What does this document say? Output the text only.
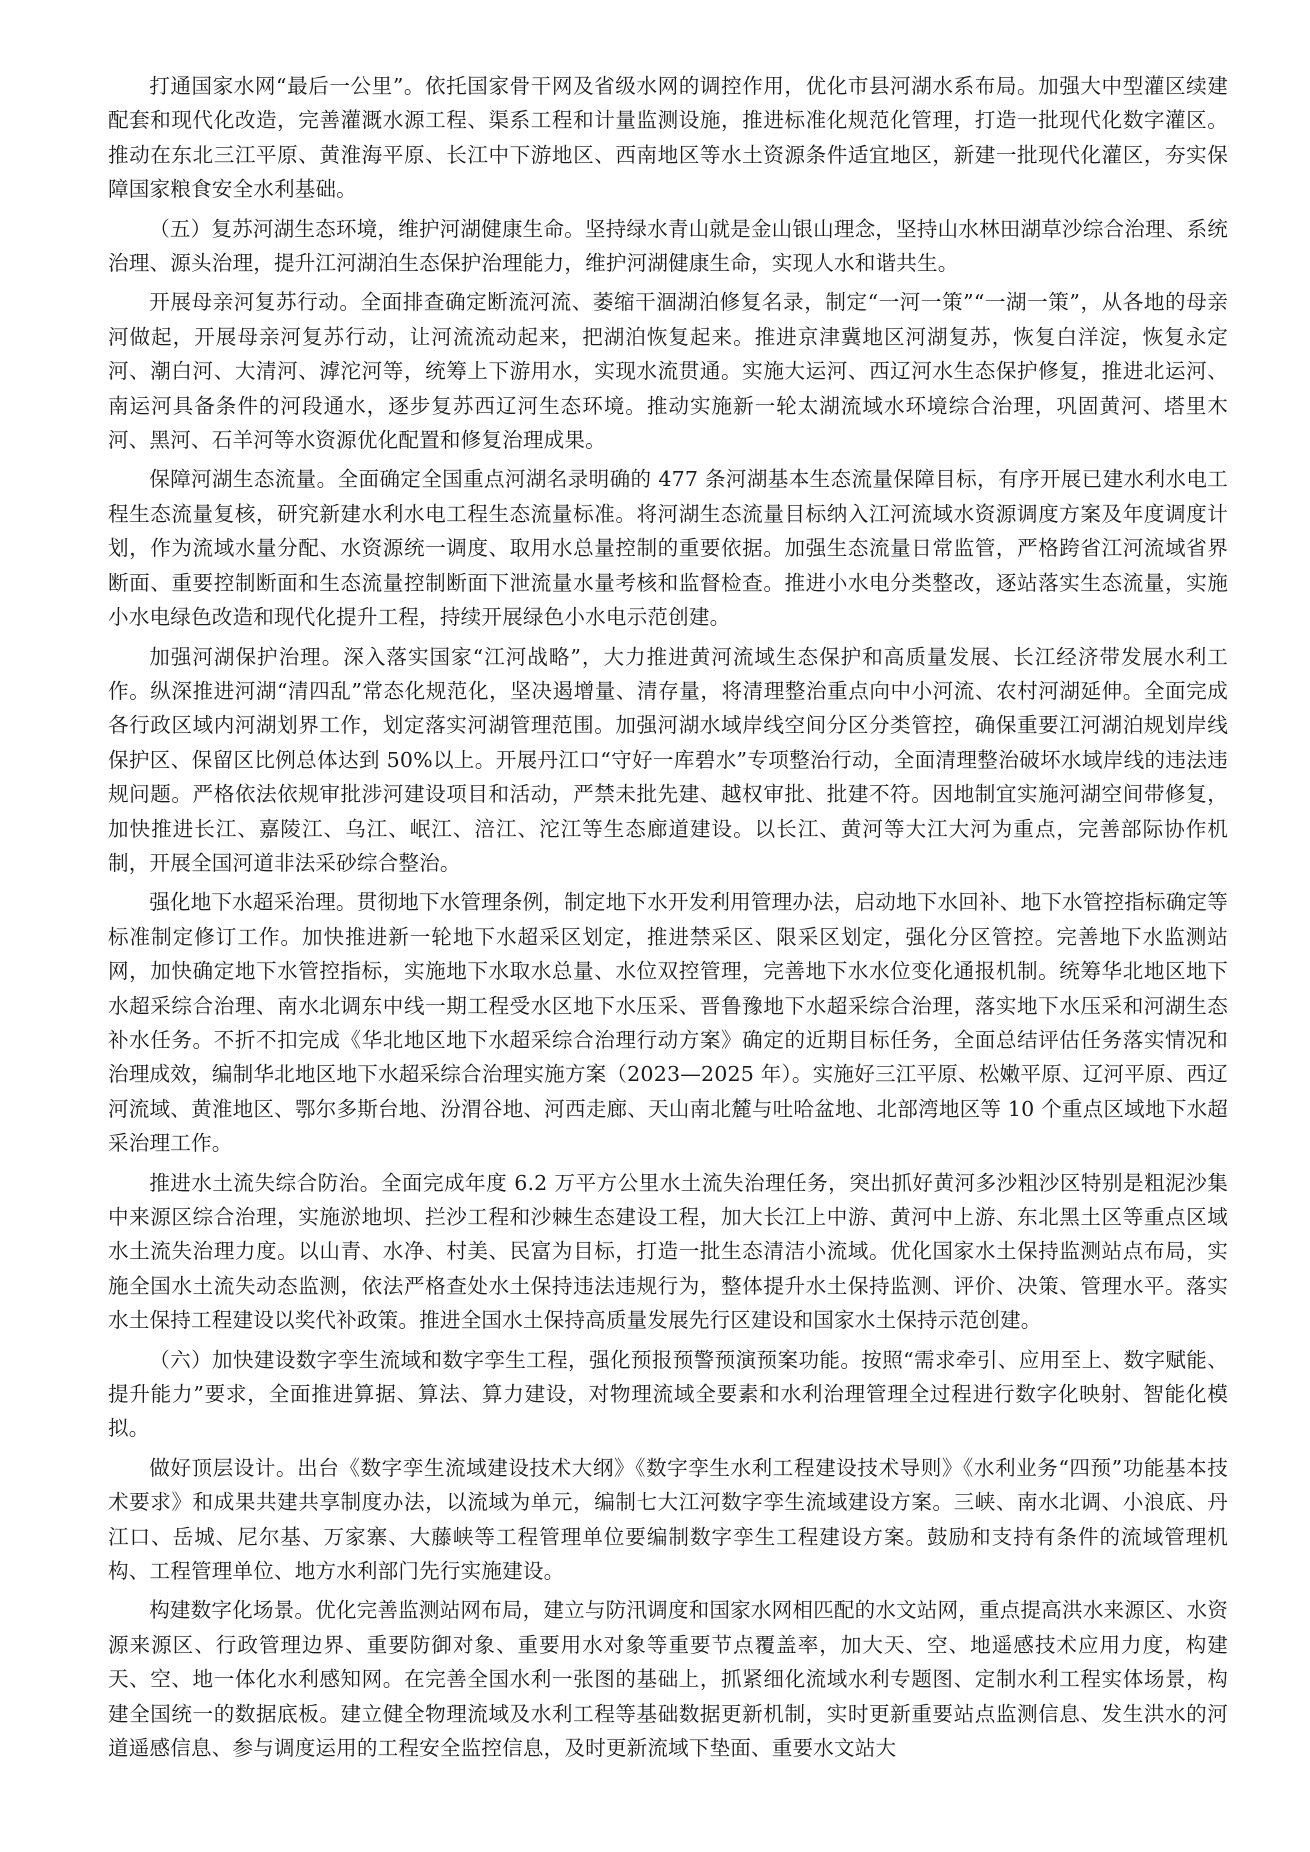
打通国家水网“最后一公里”。依托国家骨干网及省级水网的调控作用，优化市县河湖水系布局。加强大中型灌区续建配套和现代化改造，完善灌溉水源工程、渠系工程和计量监测设施，推进标准化规范化管理，打造一批现代化数字灌区。推动在东北三江平原、黄淮海平原、长江中下游地区、西南地区等水土资源条件适宜地区，新建一批现代化灌区，夯实保障国家粮食安全水利基础。

（五）复苏河湖生态环境，维护河湖健康生命。坚持绿水青山就是金山银山理念，坚持山水林田湖草沙综合治理、系统治理、源头治理，提升江河湖泊生态保护治理能力，维护河湖健康生命，实现人水和谐共生。

开展母亲河复苏行动。全面排查确定断流河流、萎缩干涸湖泊修复名录，制定“一河一策”“一湖一策”，从各地的母亲河做起，开展母亲河复苏行动，让河流流动起来，把湖泊恢复起来。推进京津冀地区河湖复苏，恢复白洋淀，恢复永定河、潮白河、大清河、滹沱河等，统筹上下游用水，实现水流贯通。实施大运河、西辽河水生态保护修复，推进北运河、南运河具备条件的河段通水，逐步复苏西辽河生态环境。推动实施新一轮太湖流域水环境综合治理，巩固黄河、塔里木河、黑河、石羊河等水资源优化配置和修复治理成果。

保障河湖生态流量。全面确定全国重点河湖名录明确的 477 条河湖基本生态流量保障目标，有序开展已建水利水电工程生态流量复核，研究新建水利水电工程生态流量标准。将河湖生态流量目标纳入江河流域水资源调度方案及年度调度计划，作为流域水量分配、水资源统一调度、取用水总量控制的重要依据。加强生态流量日常监管，严格跨省江河流域省界断面、重要控制断面和生态流量控制断面下泄流量水量考核和监督检查。推进小水电分类整改，逐站落实生态流量，实施小水电绿色改造和现代化提升工程，持续开展绿色小水电示范创建。

加强河湖保护治理。深入落实国家“江河战略”，大力推进黄河流域生态保护和高质量发展、长江经济带发展水利工作。纵深推进河湖“清四乱”常态化规范化，坚决遏增量、清存量，将清理整治重点向中小河流、农村河湖延伸。全面完成各行政区域内河湖划界工作，划定落实河湖管理范围。加强河湖水域岸线空间分区分类管控，确保重要江河湖泊规划岸线保护区、保留区比例总体达到 50%以上。开展丹江口“守好一库碧水”专项整治行动，全面清理整治破坏水域岸线的违法违规问题。严格依法依规审批涉河建设项目和活动，严禁未批先建、越权审批、批建不符。因地制宜实施河湖空间带修复，加快推进长江、嘉陵江、乌江、岷江、涪江、沱江等生态廊道建设。以长江、黄河等大江大河为重点，完善部际协作机制，开展全国河道非法采砂综合整治。

强化地下水超采治理。贯彻地下水管理条例，制定地下水开发利用管理办法，启动地下水回补、地下水管控指标确定等标准制定修订工作。加快推进新一轮地下水超采区划定，推进禁采区、限采区划定，强化分区管控。完善地下水监测站网，加快确定地下水管控指标，实施地下水取水总量、水位双控管理，完善地下水水位变化通报机制。统筹华北地区地下水超采综合治理、南水北调东中线一期工程受水区地下水压采、晋鲁豫地下水超采综合治理，落实地下水压采和河湖生态补水任务。不折不扣完成《华北地区地下水超采综合治理行动方案》确定的近期目标任务，全面总结评估任务落实情况和治理成效，编制华北地区地下水超采综合治理实施方案（2023—2025 年）。实施好三江平原、松嫩平原、辽河平原、西辽河流域、黄淮地区、鄂尔多斯台地、汾渭谷地、河西走廊、天山南北麓与吐哈盆地、北部湾地区等 10 个重点区域地下水超采治理工作。

推进水土流失综合防治。全面完成年度 6.2 万平方公里水土流失治理任务，突出抓好黄河多沙粗沙区特别是粗泥沙集中来源区综合治理，实施淤地坝、拦沙工程和沙棘生态建设工程，加大长江上中游、黄河中上游、东北黑土区等重点区域水土流失治理力度。以山青、水净、村美、民富为目标，打造一批生态清洁小流域。优化国家水土保持监测站点布局，实施全国水土流失动态监测，依法严格查处水土保持违法违规行为，整体提升水土保持监测、评价、决策、管理水平。落实水土保持工程建设以奖代补政策。推进全国水土保持高质量发展先行区建设和国家水土保持示范创建。

（六）加快建设数字孪生流域和数字孪生工程，强化预报预警预演预案功能。按照“需求牵引、应用至上、数字赋能、提升能力”要求，全面推进算据、算法、算力建设，对物理流域全要素和水利治理管理全过程进行数字化映射、智能化模拟。

做好顶层设计。出台《数字孪生流域建设技术大纲》《数字孪生水利工程建设技术导则》《水利业务“四预”功能基本技术要求》和成果共建共享制度办法，以流域为单元，编制七大江河数字孪生流域建设方案。三峡、南水北调、小浪底、丹江口、岳城、尼尔基、万家寨、大藤峡等工程管理单位要编制数字孪生工程建设方案。鼓励和支持有条件的流域管理机构、工程管理单位、地方水利部门先行实施建设。

构建数字化场景。优化完善监测站网布局，建立与防汛调度和国家水网相匹配的水文站网，重点提高洪水来源区、水资源来源区、行政管理边界、重要防御对象、重要用水对象等重要节点覆盖率，加大天、空、地遥感技术应用力度，构建天、空、地一体化水利感知网。在完善全国水利一张图的基础上，抓紧细化流域水利专题图、定制水利工程实体场景，构建全国统一的数据底板。建立健全物理流域及水利工程等基础数据更新机制，实时更新重要站点监测信息、发生洪水的河道遥感信息、参与调度运用的工程安全监控信息，及时更新流域下垫面、重要水文站大
